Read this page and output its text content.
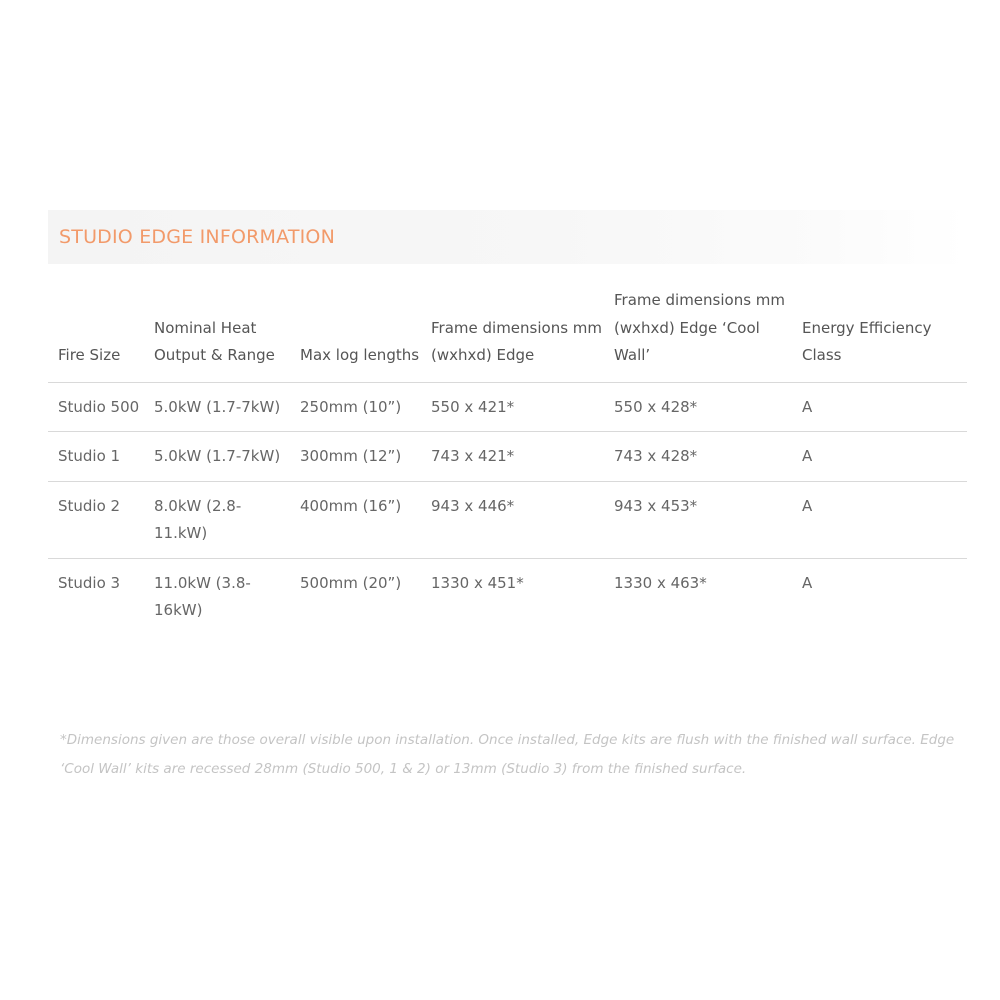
STUDIO EDGE INFORMATION
Fire Size	Nominal Heat Output & Range	Max log lengths	Frame dimensions mm (wxhxd) Edge	Frame dimensions mm (wxhxd) Edge ‘Cool Wall’	Energy Efficiency Class
Studio 500	5.0kW (1.7-7kW)	250mm (10”)	550 x 421*	550 x 428*	A
Studio 1	5.0kW (1.7-7kW)	300mm (12”)	743 x 421*	743 x 428*	A
Studio 2	8.0kW (2.8-11.kW)	400mm (16”)	943 x 446*	943 x 453*	A
Studio 3	11.0kW (3.8-16kW)	500mm (20”)	1330 x 451*	1330 x 463*	A
*Dimensions given are those overall visible upon installation. Once installed, Edge kits are flush with the finished wall surface. Edge ‘Cool Wall’ kits are recessed 28mm (Studio 500, 1 & 2) or 13mm (Studio 3) from the finished surface.
